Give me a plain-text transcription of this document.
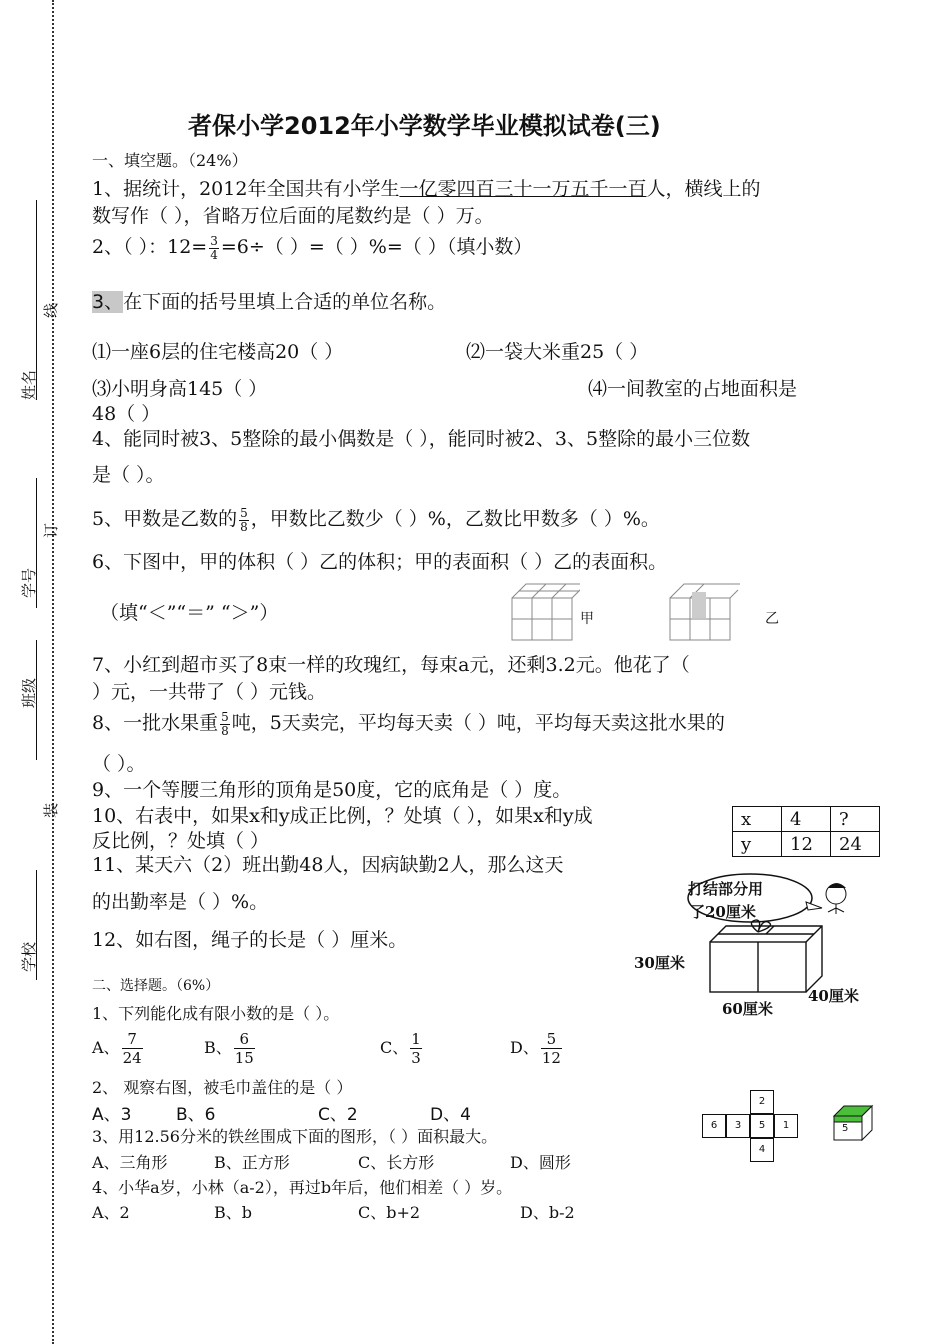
姓名
线
学号
订
班级
装
学校
者保小学2012年小学数学毕业模拟试卷(三)
一、填空题。（24%）
1、据统计，2012年全国共有小学生一亿零四百三十一万五千一百人，横线上的
数写作（ ），省略万位后面的尾数约是（ ）万。
2、（ ）：$12= \frac{3}{4} =6\div$（ ）=（ ）%=（ ）（填小数）
3、在下面的括号里填上合适的单位名称。
⑴一座6层的住宅楼高20（ ）	⑵一袋大米重25（ ）
⑶小明身高145（ ）	⑷一间教室的占地面积是
48（ ）
4、能同时被3、5整除的最小偶数是（ ），能同时被2、3、5整除的最小三位数
是（ ）。
5、甲数是乙数的 $\frac{5}{8}$ ，甲数比乙数少（ ）%，乙数比甲数多（ ）%。
6、下图中，甲的体积（ ）乙的体积；甲的表面积（ ）乙的表面积。
（填“＜”“＝” “＞”）	甲	乙
7、小红到超市买了8束一样的玫瑰红，每束a元，还剩3.2元。他花了（
）元，一共带了（ ）元钱。
8、一批水果重 $\frac{5}{8}$ 吨，5天卖完，平均每天卖（ ）吨，平均每天卖这批水果的
（ ）。
9、一个等腰三角形的顶角是50度，它的底角是（ ）度。
10、右表中，如果x和y成正比例，？处填（ ），如果x和y成
反比例，？处填（ ）
x	4	?
y	12	24
11、某天六（2）班出勤48人，因病缺勤2人，那么这天
的出勤率是（ ）%。
12、如右图，绳子的长是（ ）厘米。
打结部分用
了20厘米
30厘米
60厘米
40厘米
二、选择题。（6%）
1、下列能化成有限小数的是（ ）。
A、 $\frac{7}{24}$	B、 $\frac{6}{15}$	C、 $\frac{1}{3}$	D、 $\frac{5}{12}$
2、 观察右图，被毛巾盖住的是（ ）
A、3	B、6	C、2	D、4
2
6	3	5	1
4
5
3、用12.56分米的铁丝围成下面的图形，（ ）面积最大。
A、三角形	B、正方形	C、长方形	D、圆形
4、小华a岁，小林（a-2），再过b年后，他们相差（ ）岁。
A、2	B、b	C、b+2	D、b-2
